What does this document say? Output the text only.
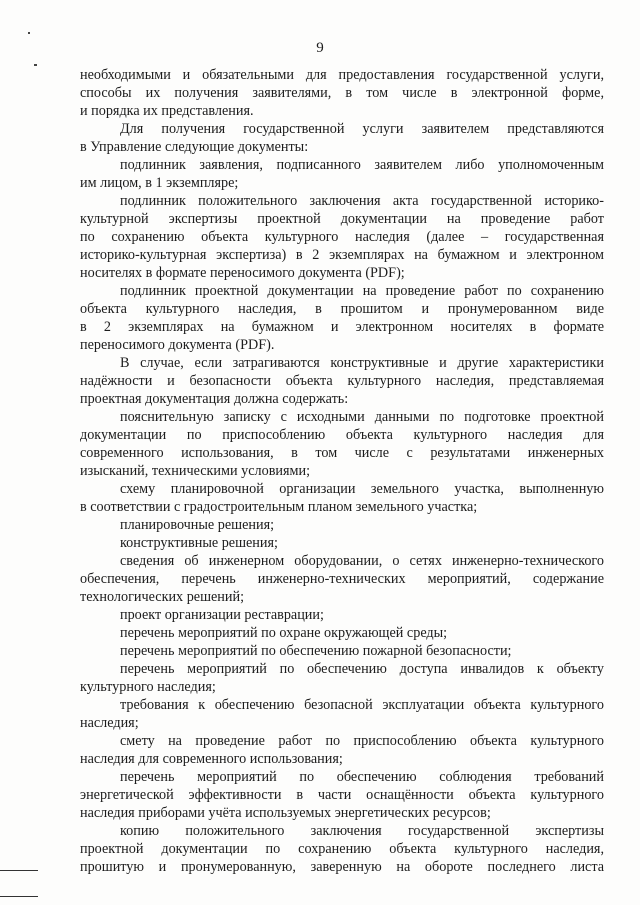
9
необходимыми и обязательными для предоставления государственной услуги,
способы их получения заявителями, в том числе в электронной форме,
и порядка их представления.
Для получения государственной услуги заявителем представляются
в Управление следующие документы:
подлинник заявления, подписанного заявителем либо уполномоченным
им лицом, в 1 экземпляре;
подлинник положительного заключения акта государственной историко-
культурной экспертизы проектной документации на проведение работ
по сохранению объекта культурного наследия (далее – государственная
историко-культурная экспертиза) в 2 экземплярах на бумажном и электронном
носителях в формате переносимого документа (PDF);
подлинник проектной документации на проведение работ по сохранению
объекта культурного наследия, в прошитом и пронумерованном виде
в 2 экземплярах на бумажном и электронном носителях в формате
переносимого документа (PDF).
В случае, если затрагиваются конструктивные и другие характеристики
надёжности и безопасности объекта культурного наследия, представляемая
проектная документация должна содержать:
пояснительную записку с исходными данными по подготовке проектной
документации по приспособлению объекта культурного наследия для
современного использования, в том числе с результатами инженерных
изысканий, техническими условиями;
схему планировочной организации земельного участка, выполненную
в соответствии с градостроительным планом земельного участка;
планировочные решения;
конструктивные решения;
сведения об инженерном оборудовании, о сетях инженерно-технического
обеспечения, перечень инженерно-технических мероприятий, содержание
технологических решений;
проект организации реставрации;
перечень мероприятий по охране окружающей среды;
перечень мероприятий по обеспечению пожарной безопасности;
перечень мероприятий по обеспечению доступа инвалидов к объекту
культурного наследия;
требования к обеспечению безопасной эксплуатации объекта культурного
наследия;
смету на проведение работ по приспособлению объекта культурного
наследия для современного использования;
перечень мероприятий по обеспечению соблюдения требований
энергетической эффективности в части оснащённости объекта культурного
наследия приборами учёта используемых энергетических ресурсов;
копию положительного заключения государственной экспертизы
проектной документации по сохранению объекта культурного наследия,
прошитую и пронумерованную, заверенную на обороте последнего листа
